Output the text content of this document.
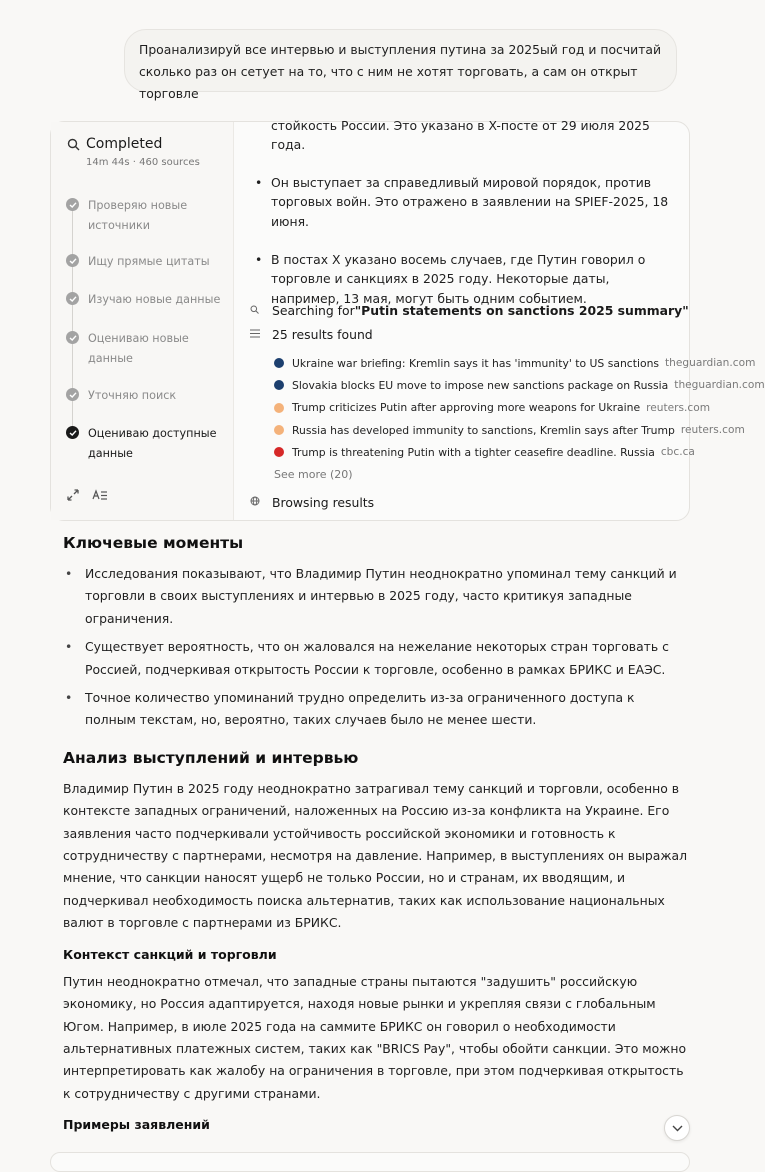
Проанализируй все интервью и выступления путина за 2025ый год и посчитай сколько раз он сетует на то, что с ним не хотят торговать, а сам он открыт торговле
Completed
14m 44s · 460 sources
Проверяю новые источники
Ищу прямые цитаты
Изучаю новые данные
Оцениваю новые данные
Уточняю поиск
Оцениваю доступные данные
стойкость России. Это указано в X-посте от 29 июля 2025 года.
• Он выступает за справедливый мировой порядок, против торговых войн. Это отражено в заявлении на SPIEF-2025, 18 июня.
• В постах X указано восемь случаев, где Путин говорил о торговле и санкциях в 2025 году. Некоторые даты, например, 13 мая, могут быть одним событием.
Searching for "Putin statements on sanctions 2025 summary"
25 results found
Ukraine war briefing: Kremlin says it has 'immunity' to US sanctions theguardian.com
Slovakia blocks EU move to impose new sanctions package on Russia theguardian.com
Trump criticizes Putin after approving more weapons for Ukraine reuters.com
Russia has developed immunity to sanctions, Kremlin says after Trump reuters.com
Trump is threatening Putin with a tighter ceasefire deadline. Russia cbc.ca
See more (20)
Browsing results
Ключевые моменты
• Исследования показывают, что Владимир Путин неоднократно упоминал тему санкций и торговли в своих выступлениях и интервью в 2025 году, часто критикуя западные ограничения.
• Существует вероятность, что он жаловался на нежелание некоторых стран торговать с Россией, подчеркивая открытость России к торговле, особенно в рамках БРИКС и ЕАЭС.
• Точное количество упоминаний трудно определить из-за ограниченного доступа к полным текстам, но, вероятно, таких случаев было не менее шести.
Анализ выступлений и интервью

Владимир Путин в 2025 году неоднократно затрагивал тему санкций и торговли, особенно в контексте западных ограничений, наложенных на Россию из-за конфликта на Украине. Его заявления часто подчеркивали устойчивость российской экономики и готовность к сотрудничеству с партнерами, несмотря на давление. Например, в выступлениях он выражал мнение, что санкции наносят ущерб не только России, но и странам, их вводящим, и подчеркивал необходимость поиска альтернатив, таких как использование национальных валют в торговле с партнерами из БРИКС.

Контекст санкций и торговли

Путин неоднократно отмечал, что западные страны пытаются "задушить" российскую экономику, но Россия адаптируется, находя новые рынки и укрепляя связи с глобальным Югом. Например, в июле 2025 года на саммите БРИКС он говорил о необходимости альтернативных платежных систем, таких как "BRICS Pay", чтобы обойти санкции. Это можно интерпретировать как жалобу на ограничения в торговле, при этом подчеркивая открытость к сотрудничеству с другими странами.

Примеры заявлений
